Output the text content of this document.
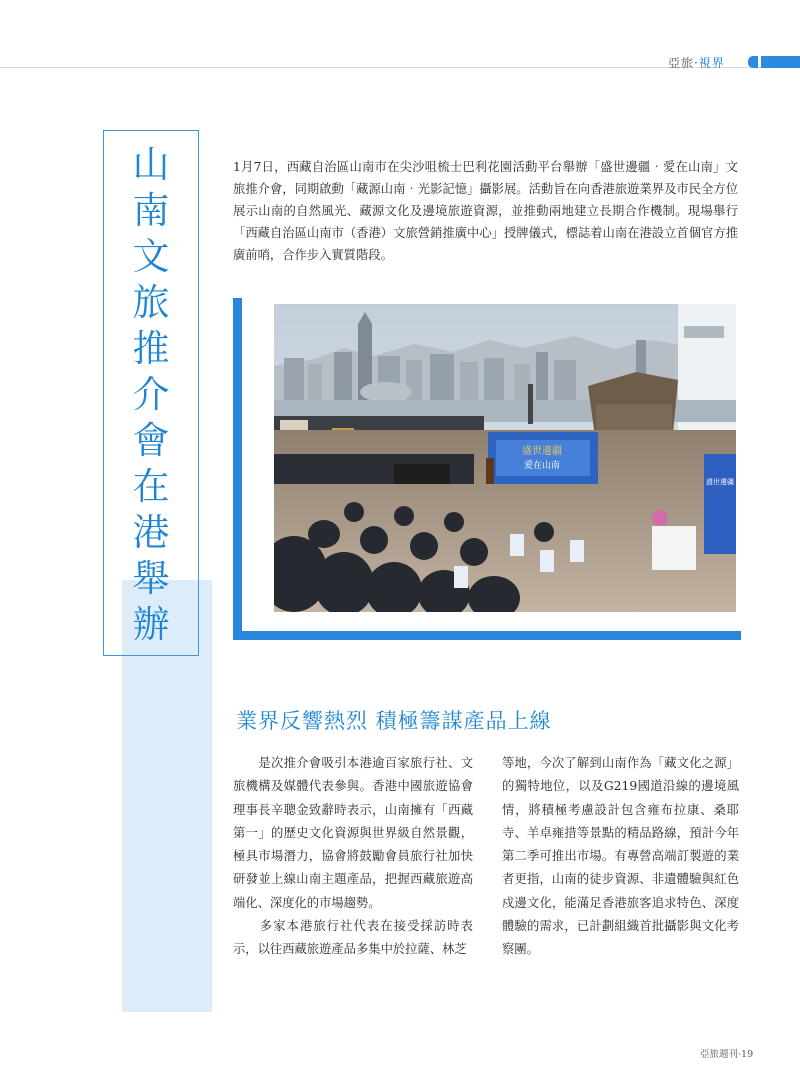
亞旅·視界
山
南
文
旅
推
介
會
在
港
舉
辦
1月7日，西藏自治區山南市在尖沙咀梳士巴利花園活動平台舉辦「盛世邊疆‧愛在山南」文旅推介會，同期啟動「藏源山南‧光影記憶」攝影展。活動旨在向香港旅遊業界及市民全方位展示山南的自然風光、藏源文化及邊境旅遊資源，並推動兩地建立長期合作機制。現場舉行「西藏自治區山南市（香港）文旅營銷推廣中心」授牌儀式，標誌着山南在港設立首個官方推廣前哨，合作步入實質階段。
盛世邊疆
愛在山南
盛世邊疆
業界反響熱烈 積極籌謀產品上線

　　是次推介會吸引本港逾百家旅行社、文旅機構及媒體代表參與。香港中國旅遊協會理事長辛聰金致辭時表示，山南擁有「西藏第一」的歷史文化資源與世界級自然景觀，極具市場潛力，協會將鼓勵會員旅行社加快研發並上線山南主題產品，把握西藏旅遊高端化、深度化的市場趨勢。

　　多家本港旅行社代表在接受採訪時表示，以往西藏旅遊產品多集中於拉薩、林芝

等地，今次了解到山南作為「藏文化之源」的獨特地位，以及G219國道沿線的邊境風情，將積極考慮設計包含雍布拉康、桑耶寺、羊卓雍措等景點的精品路線，預計今年第二季可推出市場。有專營高端訂製遊的業者更指，山南的徒步資源、非遺體驗與紅色戍邊文化，能滿足香港旅客追求特色、深度體驗的需求，已計劃組織首批攝影與文化考察團。

亞旅週刊·19
